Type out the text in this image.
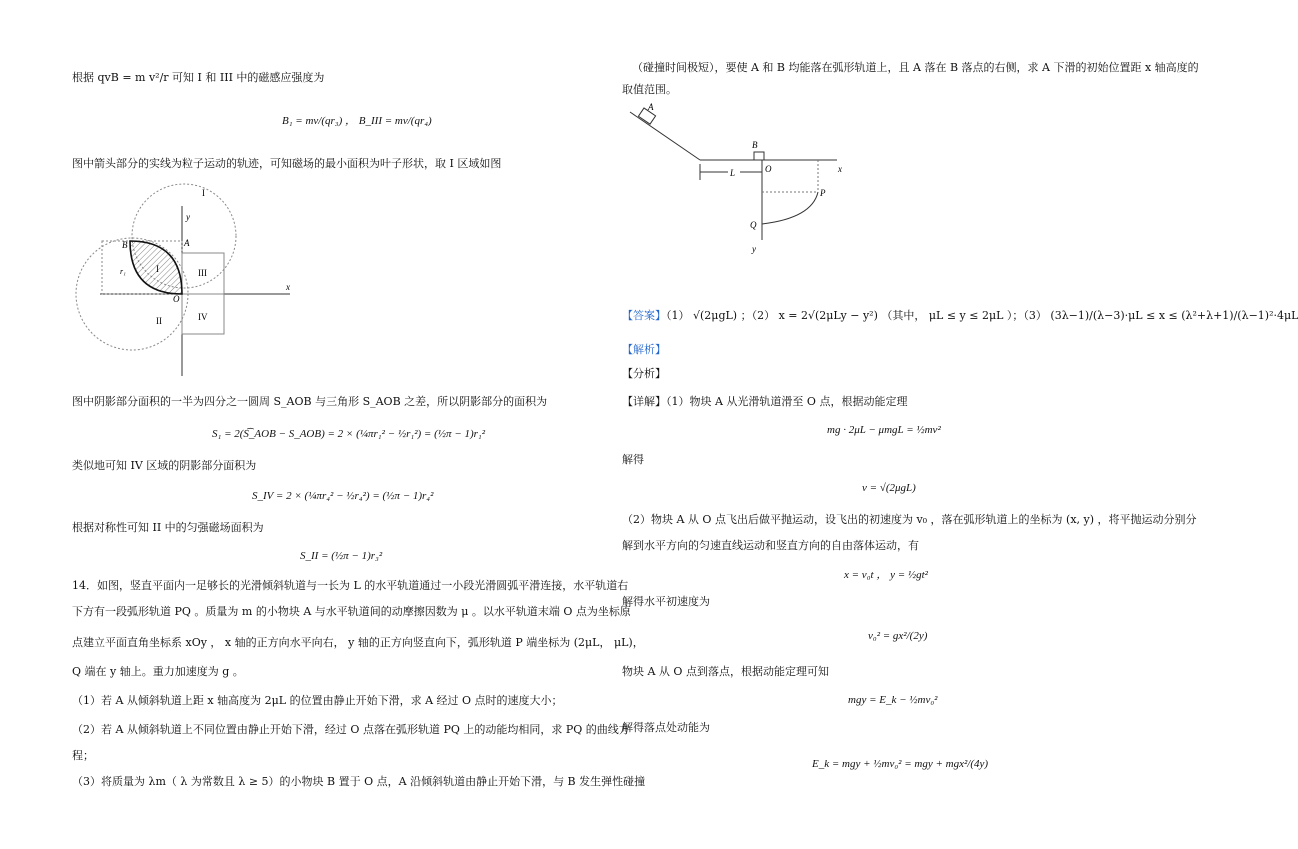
根据 qvB = m v²/r 可知 I 和 III 中的磁感应强度为
B₁ = mv/(qr₃) ， B_III = mv/(qr₄)
图中箭头部分的实线为粒子运动的轨迹，可知磁场的最小面积为叶子形状，取 I 区域如图
I
y
A
B
r₁	I	III
O
x
II	IV
图中阴影部分面积的一半为四分之一圆周 S_AOB 与三角形 S_AOB 之差，所以阴影部分的面积为
S₁ = 2(S͡_AOB − S_AOB) = 2 × (¼πr₁² − ½r₁²) = (½π − 1)r₁²
类似地可知 IV 区域的阴影部分面积为
S_IV = 2 × (¼πr₄² − ½r₄²) = (½π − 1)r₄²
根据对称性可知 II 中的匀强磁场面积为
S_II = (½π − 1)r₃²
14．如图，竖直平面内一足够长的光滑倾斜轨道与一长为 L 的水平轨道通过一小段光滑圆弧平滑连接，水平轨道右
下方有一段弧形轨道 PQ 。质量为 m 的小物块 A 与水平轨道间的动摩擦因数为 μ 。以水平轨道末端 O 点为坐标原
点建立平面直角坐标系 xOy ， x 轴的正方向水平向右， y 轴的正方向竖直向下，弧形轨道 P 端坐标为 (2μL， μL)，
Q 端在 y 轴上。重力加速度为 g 。
（1）若 A 从倾斜轨道上距 x 轴高度为 2μL 的位置由静止开始下滑，求 A 经过 O 点时的速度大小；
（2）若 A 从倾斜轨道上不同位置由静止开始下滑，经过 O 点落在弧形轨道 PQ 上的动能均相同，求 PQ 的曲线方
程；
（3）将质量为 λm（ λ 为常数且 λ ≥ 5）的小物块 B 置于 O 点，A 沿倾斜轨道由静止开始下滑，与 B 发生弹性碰撞
（碰撞时间极短），要使 A 和 B 均能落在弧形轨道上，且 A 落在 B 落点的右侧，求 A 下滑的初始位置距 x 轴高度的
取值范围。
B
A
O	x
L
P
Q
y
【答案】（1） √(2μgL) ；（2） x = 2√(2μLy − y²) （其中， μL ≤ y ≤ 2μL ）；（3） (3λ−1)/(λ−3)·μL ≤ x ≤ (λ²+λ+1)/(λ−1)²·4μL
【解析】
【分析】
【详解】（1）物块 A 从光滑轨道滑至 O 点，根据动能定理
mg · 2μL − μmgL = ½mv²
解得
v = √(2μgL)
（2）物块 A 从 O 点飞出后做平抛运动，设飞出的初速度为 v₀ ，落在弧形轨道上的坐标为 (x, y) ，将平抛运动分别分
解到水平方向的匀速直线运动和竖直方向的自由落体运动，有
x = v₀t ， y = ½gt²
解得水平初速度为
v₀² = gx²/(2y)
物块 A 从 O 点到落点，根据动能定理可知
mgy = E_k − ½mv₀²
解得落点处动能为
E_k = mgy + ½mv₀² = mgy + mgx²/(4y)
